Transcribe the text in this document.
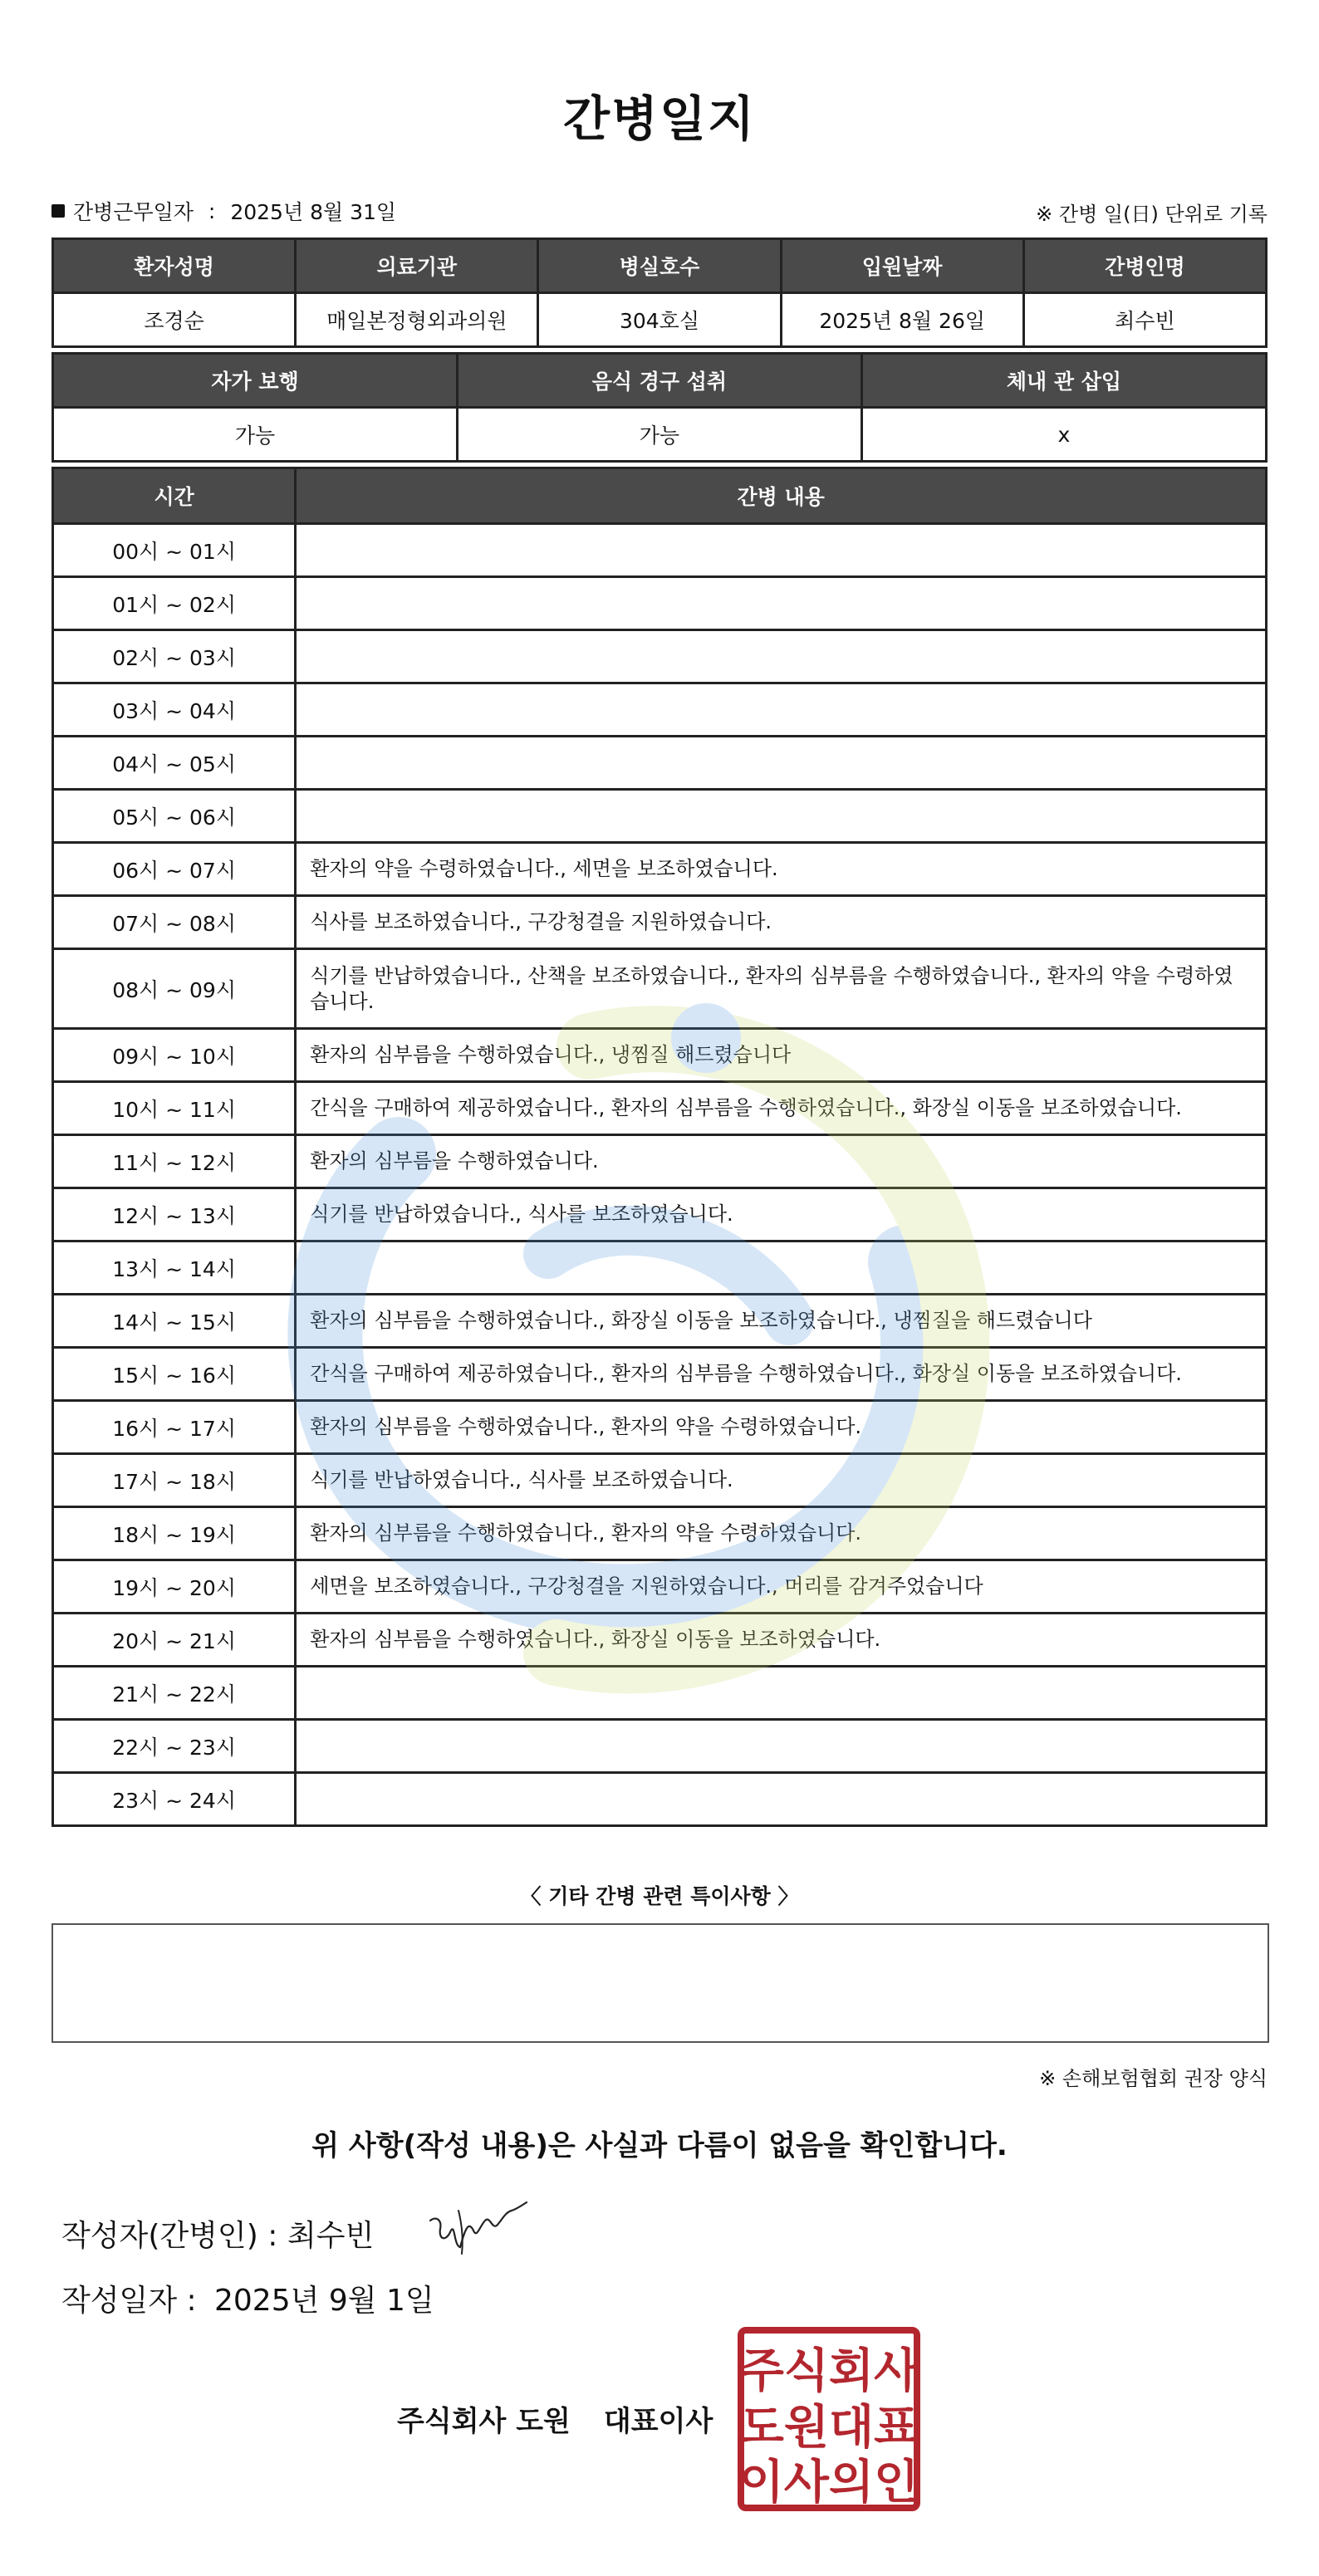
간병일지
간병근무일자 : 2025년 8월 31일	※ 간병 일(日) 단위로 기록
환자성명	의료기관	병실호수	입원날짜	간병인명
조경순	매일본정형외과의원	304호실	2025년 8월 26일	최수빈
자가 보행	음식 경구 섭취	체내 관 삽입
가능	가능	x
시간	간병 내용
00시 ~ 01시	
01시 ~ 02시	
02시 ~ 03시	
03시 ~ 04시	
04시 ~ 05시	
05시 ~ 06시	
06시 ~ 07시	환자의 약을 수령하였습니다., 세면을 보조하였습니다.
07시 ~ 08시	식사를 보조하였습니다., 구강청결을 지원하였습니다.
08시 ~ 09시	식기를 반납하였습니다., 산책을 보조하였습니다., 환자의 심부름을 수행하였습니다., 환자의 약을 수령하였습니다.
09시 ~ 10시	환자의 심부름을 수행하였습니다., 냉찜질 해드렸습니다
10시 ~ 11시	간식을 구매하여 제공하였습니다., 환자의 심부름을 수행하였습니다., 화장실 이동을 보조하였습니다.
11시 ~ 12시	환자의 심부름을 수행하였습니다.
12시 ~ 13시	식기를 반납하였습니다., 식사를 보조하였습니다.
13시 ~ 14시	
14시 ~ 15시	환자의 심부름을 수행하였습니다., 화장실 이동을 보조하였습니다., 냉찜질을 해드렸습니다
15시 ~ 16시	간식을 구매하여 제공하였습니다., 환자의 심부름을 수행하였습니다., 화장실 이동을 보조하였습니다.
16시 ~ 17시	환자의 심부름을 수행하였습니다., 환자의 약을 수령하였습니다.
17시 ~ 18시	식기를 반납하였습니다., 식사를 보조하였습니다.
18시 ~ 19시	환자의 심부름을 수행하였습니다., 환자의 약을 수령하였습니다.
19시 ~ 20시	세면을 보조하였습니다., 구강청결을 지원하였습니다., 머리를 감겨주었습니다
20시 ~ 21시	환자의 심부름을 수행하였습니다., 화장실 이동을 보조하였습니다.
21시 ~ 22시	
22시 ~ 23시	
23시 ~ 24시	
〈 기타 간병 관련 특이사항 〉
※ 손해보험협회 권장 양식
위 사항(작성 내용)은 사실과 다름이 없음을 확인합니다.
작성자(간병인) : 최수빈
작성일자 : 2025년 9월 1일
주식회사 도원 대표이사
주식회사
도원대표
이사의인
